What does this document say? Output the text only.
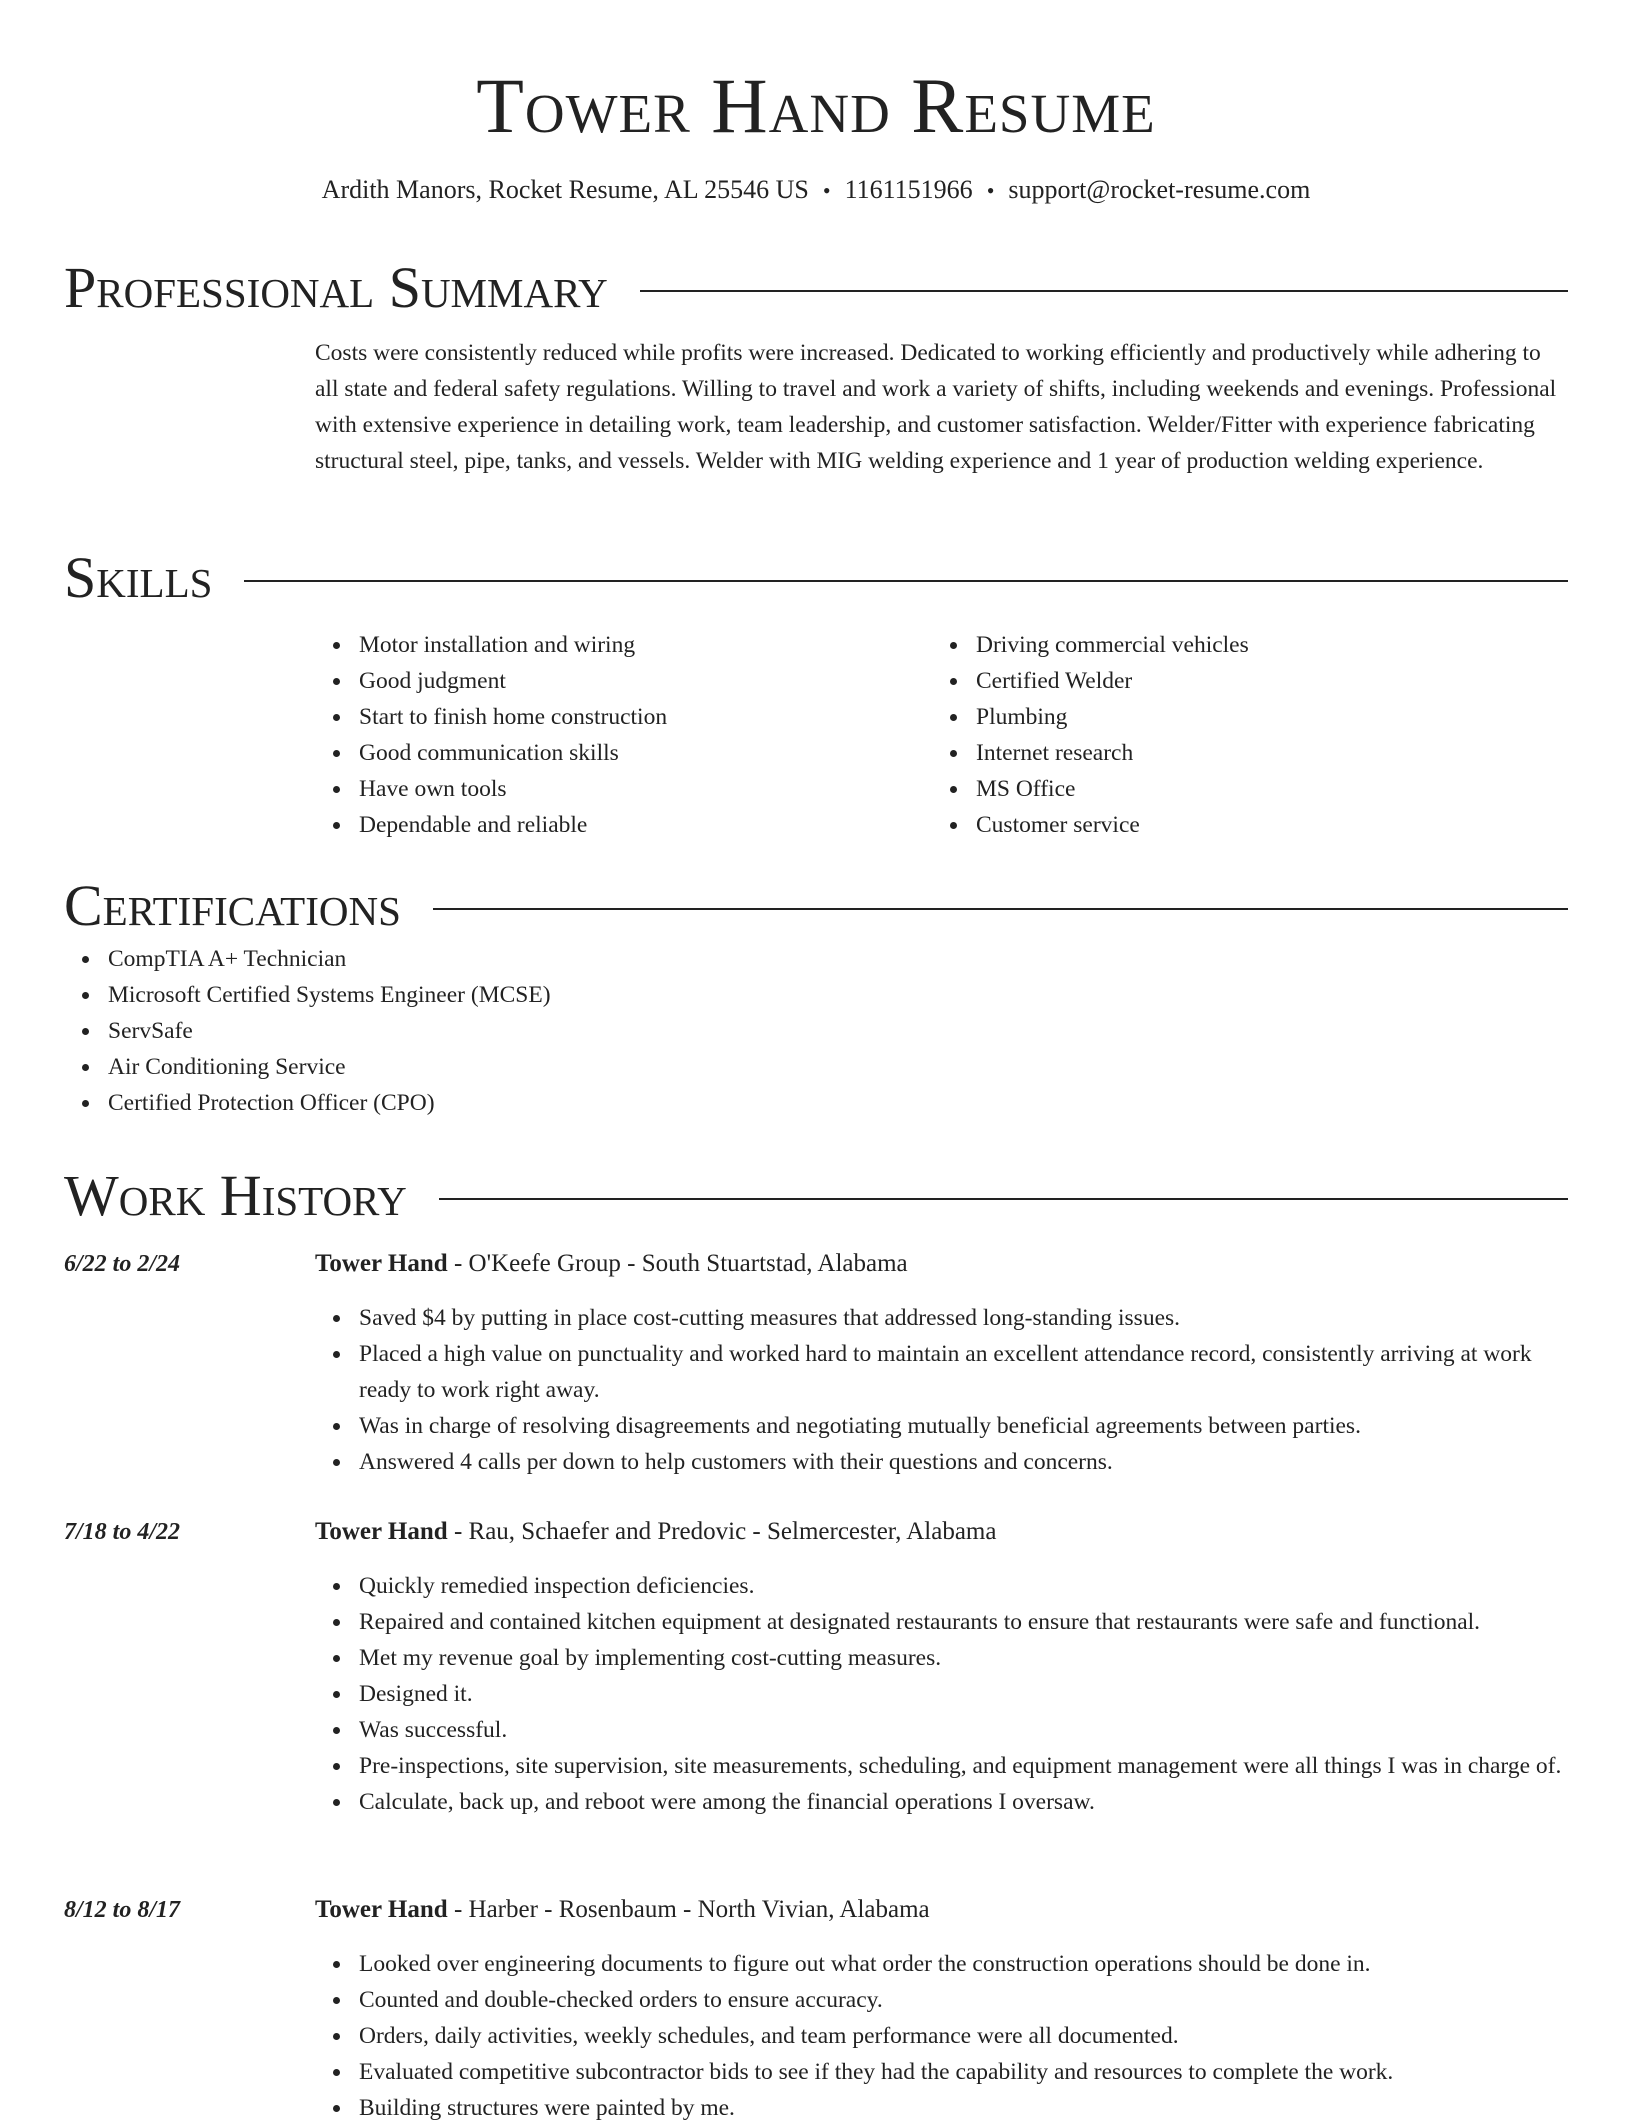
Tower Hand Resume
Ardith Manors, Rocket Resume, AL 25546 US • 1161151966 • support@rocket-resume.com
Professional Summary

Costs were consistently reduced while profits were increased. Dedicated to working efficiently and productively while adhering to all state and federal safety regulations. Willing to travel and work a variety of shifts, including weekends and evenings. Professional with extensive experience in detailing work, team leadership, and customer satisfaction. Welder/Fitter with experience fabricating structural steel, pipe, tanks, and vessels. Welder with MIG welding experience and 1 year of production welding experience.

Skills
Motor installation and wiring
Good judgment
Start to finish home construction
Good communication skills
Have own tools
Dependable and reliable
Driving commercial vehicles
Certified Welder
Plumbing
Internet research
MS Office
Customer service
Certifications
CompTIA A+ Technician
Microsoft Certified Systems Engineer (MCSE)
ServSafe
Air Conditioning Service
Certified Protection Officer (CPO)
Work History
6/22 to 2/24	Tower Hand - O'Keefe Group - South Stuartstad, Alabama
Saved $4 by putting in place cost-cutting measures that addressed long-standing issues.
Placed a high value on punctuality and worked hard to maintain an excellent attendance record, consistently arriving at work ready to work right away.
Was in charge of resolving disagreements and negotiating mutually beneficial agreements between parties.
Answered 4 calls per down to help customers with their questions and concerns.
7/18 to 4/22	Tower Hand - Rau, Schaefer and Predovic - Selmercester, Alabama
Quickly remedied inspection deficiencies.
Repaired and contained kitchen equipment at designated restaurants to ensure that restaurants were safe and functional.
Met my revenue goal by implementing cost-cutting measures.
Designed it.
Was successful.
Pre-inspections, site supervision, site measurements, scheduling, and equipment management were all things I was in charge of.
Calculate, back up, and reboot were among the financial operations I oversaw.
8/12 to 8/17	Tower Hand - Harber - Rosenbaum - North Vivian, Alabama
Looked over engineering documents to figure out what order the construction operations should be done in.
Counted and double-checked orders to ensure accuracy.
Orders, daily activities, weekly schedules, and team performance were all documented.
Evaluated competitive subcontractor bids to see if they had the capability and resources to complete the work.
Building structures were painted by me.
